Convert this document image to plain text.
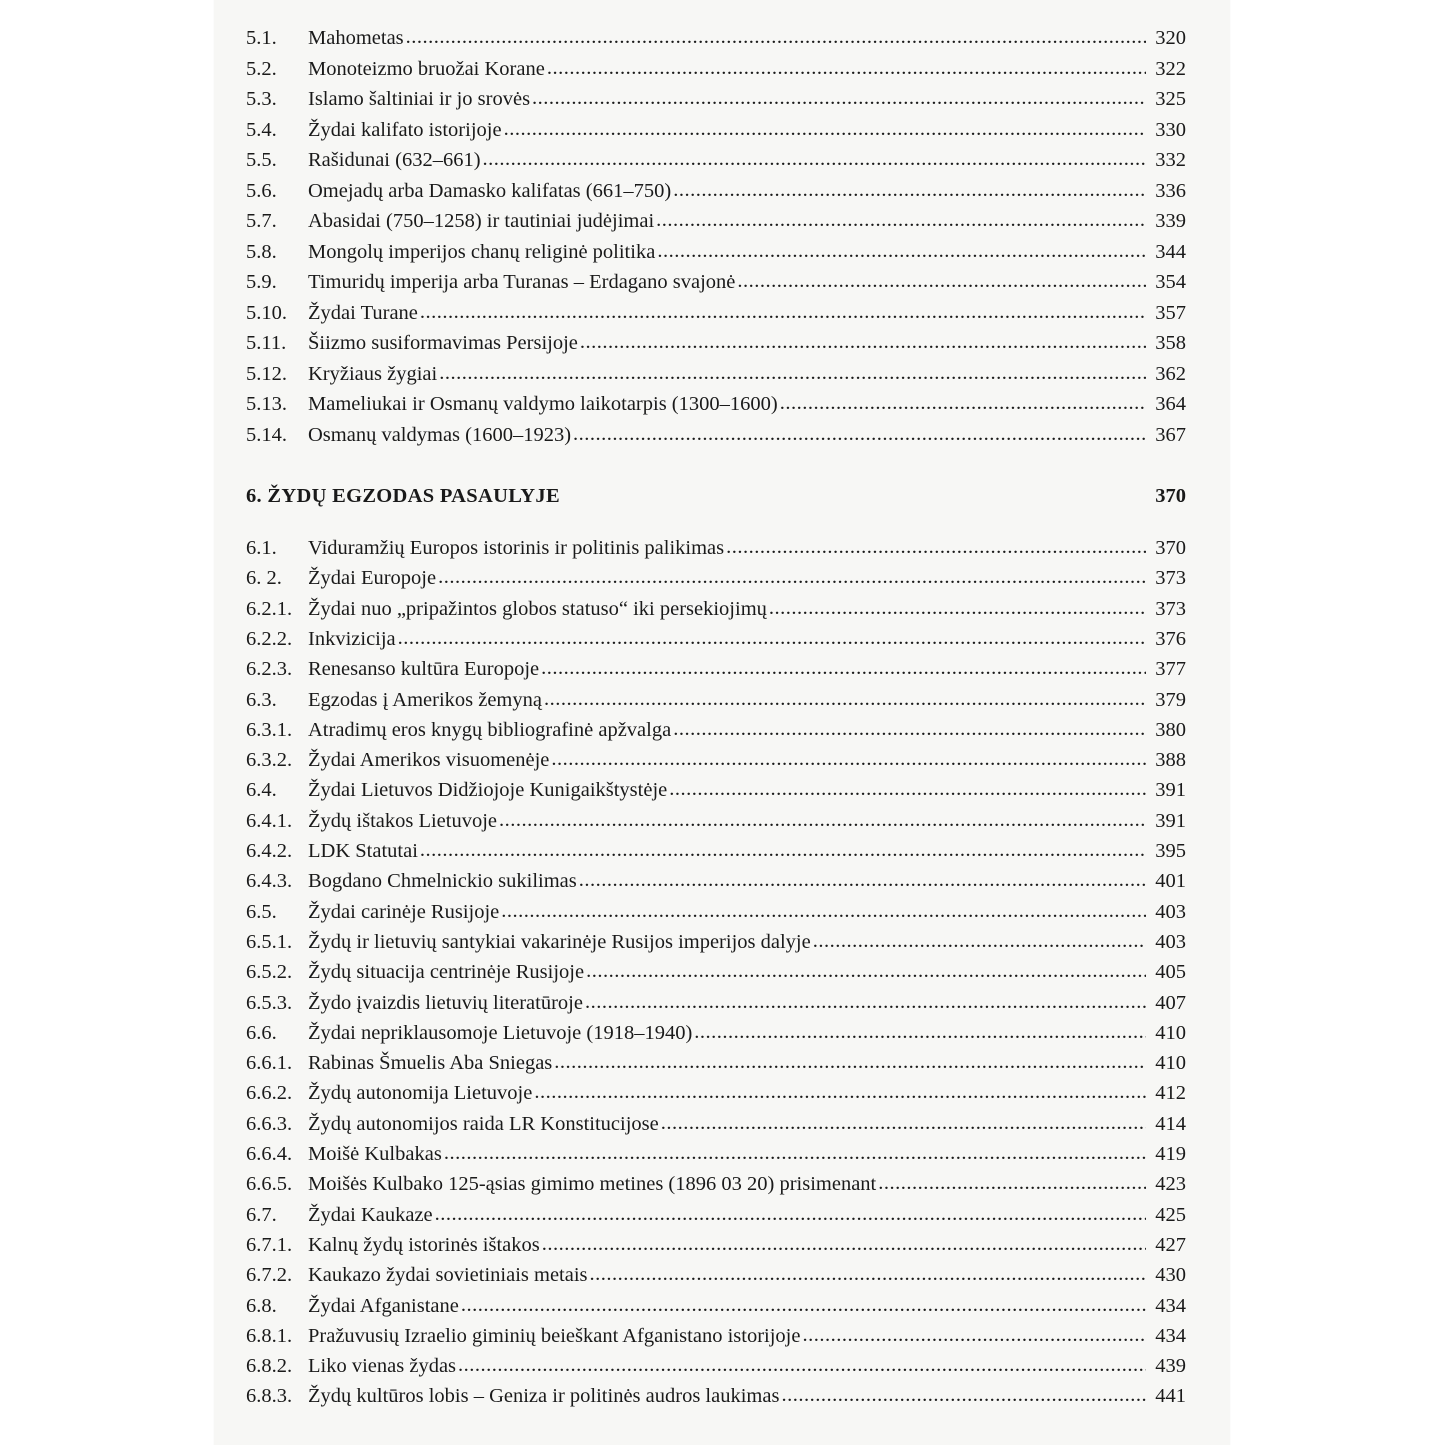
5.1.	Mahometas .....	320
5.2.	Monoteizmo bruožai Korane .....	322
5.3.	Islamo šaltiniai ir jo srovės .....	325
5.4.	Žydai kalifato istorijoje .....	330
5.5.	Rašidunai (632–661) .....	332
5.6.	Omejadų arba Damasko kalifatas (661–750) .....	336
5.7.	Abasidai (750–1258) ir tautiniai judėjimai .....	339
5.8.	Mongolų imperijos chanų religinė politika .....	344
5.9.	Timuridų imperija arba Turanas – Erdagano svajonė .....	354
5.10.	Žydai Turane .....	357
5.11.	Šiizmo susiformavimas Persijoje .....	358
5.12.	Kryžiaus žygiai .....	362
5.13.	Mameliukai ir Osmanų valdymo laikotarpis (1300–1600) .....	364
5.14.	Osmanų valdymas (1600–1923) .....	367
6. ŽYDŲ EGZODAS PASAULYJE	370
6.1.	Viduramžių Europos istorinis ir politinis palikimas .....	370
6. 2.	Žydai Europoje .....	373
6.2.1. Žydai nuo „pripažintos globos statuso“ iki persekiojimų .....	373
6.2.2. Inkvizicija .....	376
6.2.3. Renesanso kultūra Europoje .....	377
6.3.	Egzodas į Amerikos žemyną .....	379
6.3.1. Atradimų eros knygų bibliografinė apžvalga .....	380
6.3.2. Žydai Amerikos visuomenėje .....	388
6.4.	Žydai Lietuvos Didžiojoje Kunigaikštystėje .....	391
6.4.1. Žydų ištakos Lietuvoje .....	391
6.4.2. LDK Statutai .....	395
6.4.3. Bogdano Chmelnickio sukilimas .....	401
6.5.	Žydai carinėje Rusijoje .....	403
6.5.1. Žydų ir lietuvių santykiai vakarinėje Rusijos imperijos dalyje .....	403
6.5.2. Žydų situacija centrinėje Rusijoje .....	405
6.5.3. Žydo įvaizdis lietuvių literatūroje .....	407
6.6.	Žydai nepriklausomoje Lietuvoje (1918–1940) .....	410
6.6.1. Rabinas Šmuelis Aba Sniegas .....	410
6.6.2. Žydų autonomija Lietuvoje .....	412
6.6.3. Žydų autonomijos raida LR Konstitucijose .....	414
6.6.4. Moišė Kulbakas .....	419
6.6.5. Moišės Kulbako 125-ąsias gimimo metines (1896 03 20) prisimenant .....	423
6.7.	Žydai Kaukaze .....	425
6.7.1. Kalnų žydų istorinės ištakos .....	427
6.7.2. Kaukazo žydai sovietiniais metais .....	430
6.8.	Žydai Afganistane .....	434
6.8.1. Pražuvusių Izraelio giminių beieškant Afganistano istorijoje .....	434
6.8.2. Liko vienas žydas .....	439
6.8.3. Žydų kultūros lobis – Geniza ir politinės audros laukimas .....	441
